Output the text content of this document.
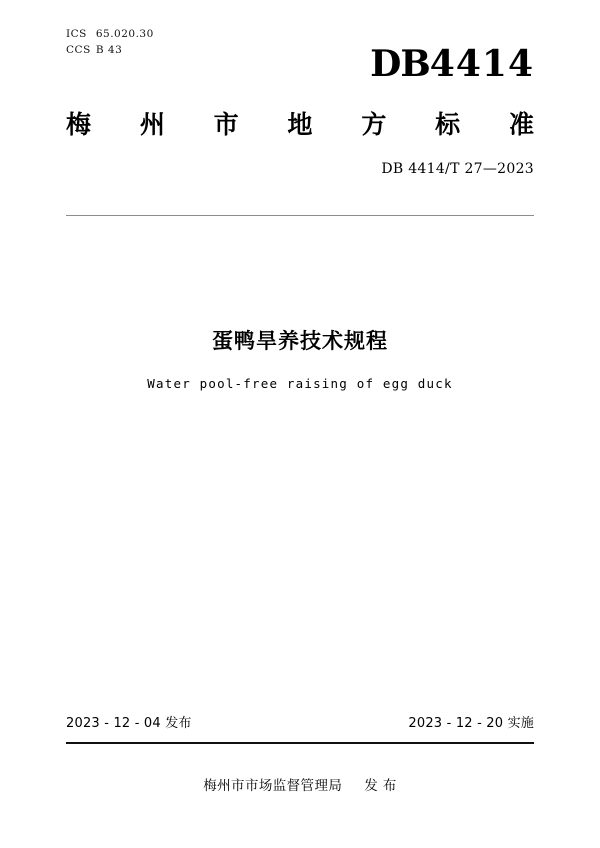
ICS 65.020.30
CCS B 43	DB4414
梅州市地方标准
DB 4414/T 27—2023
蛋鸭旱养技术规程
Water pool-free raising of egg duck
2023 - 12 - 04 发布	2023 - 12 - 20 实施
梅州市市场监督管理局 发 布
